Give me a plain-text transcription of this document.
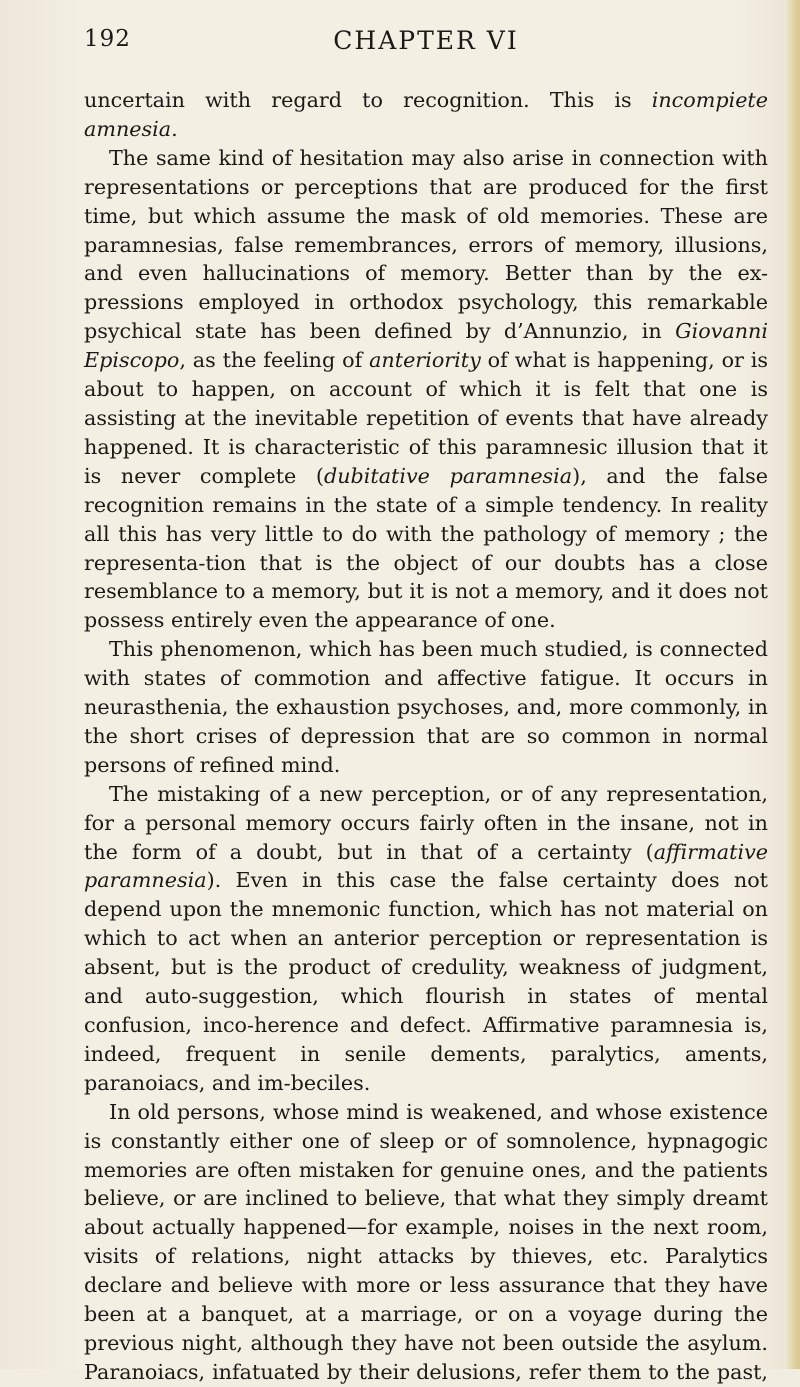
192	CHAPTER VI

uncertain with regard to recognition. This is incompiete amnesia.

The same kind of hesitation may also arise in connection with representations or perceptions that are produced for the first time, but which assume the mask of old memories. These are paramnesias, false remembrances, errors of memory, illusions, and even hallucinations of memory. Better than by the ex-pressions employed in orthodox psychology, this remarkable psychical state has been defined by d’Annunzio, in Giovanni Episcopo, as the feeling of anteriority of what is happening, or is about to happen, on account of which it is felt that one is assisting at the inevitable repetition of events that have already happened. It is characteristic of this paramnesic illusion that it is never complete (dubitative paramnesia), and the false recognition remains in the state of a simple tendency. In reality all this has very little to do with the pathology of memory ; the representa-tion that is the object of our doubts has a close resemblance to a memory, but it is not a memory, and it does not possess entirely even the appearance of one.

This phenomenon, which has been much studied, is connected with states of commotion and affective fatigue. It occurs in neurasthenia, the exhaustion psychoses, and, more commonly, in the short crises of depression that are so common in normal persons of refined mind.

The mistaking of a new perception, or of any representation, for a personal memory occurs fairly often in the insane, not in the form of a doubt, but in that of a certainty (affirmative paramnesia). Even in this case the false certainty does not depend upon the mnemonic function, which has not material on which to act when an anterior perception or representation is absent, but is the product of credulity, weakness of judgment, and auto-suggestion, which flourish in states of mental confusion, inco-herence and defect. Affirmative paramnesia is, indeed, frequent in senile dements, paralytics, aments, paranoiacs, and im-beciles.

In old persons, whose mind is weakened, and whose existence is constantly either one of sleep or of somnolence, hypnagogic memories are often mistaken for genuine ones, and the patients believe, or are inclined to believe, that what they simply dreamt about actually happened—for example, noises in the next room, visits of relations, night attacks by thieves, etc. Paralytics declare and believe with more or less assurance that they have been at a banquet, at a marriage, or on a voyage during the previous night, although they have not been outside the asylum. Paranoiacs, infatuated by their delusions, refer them to the past,
